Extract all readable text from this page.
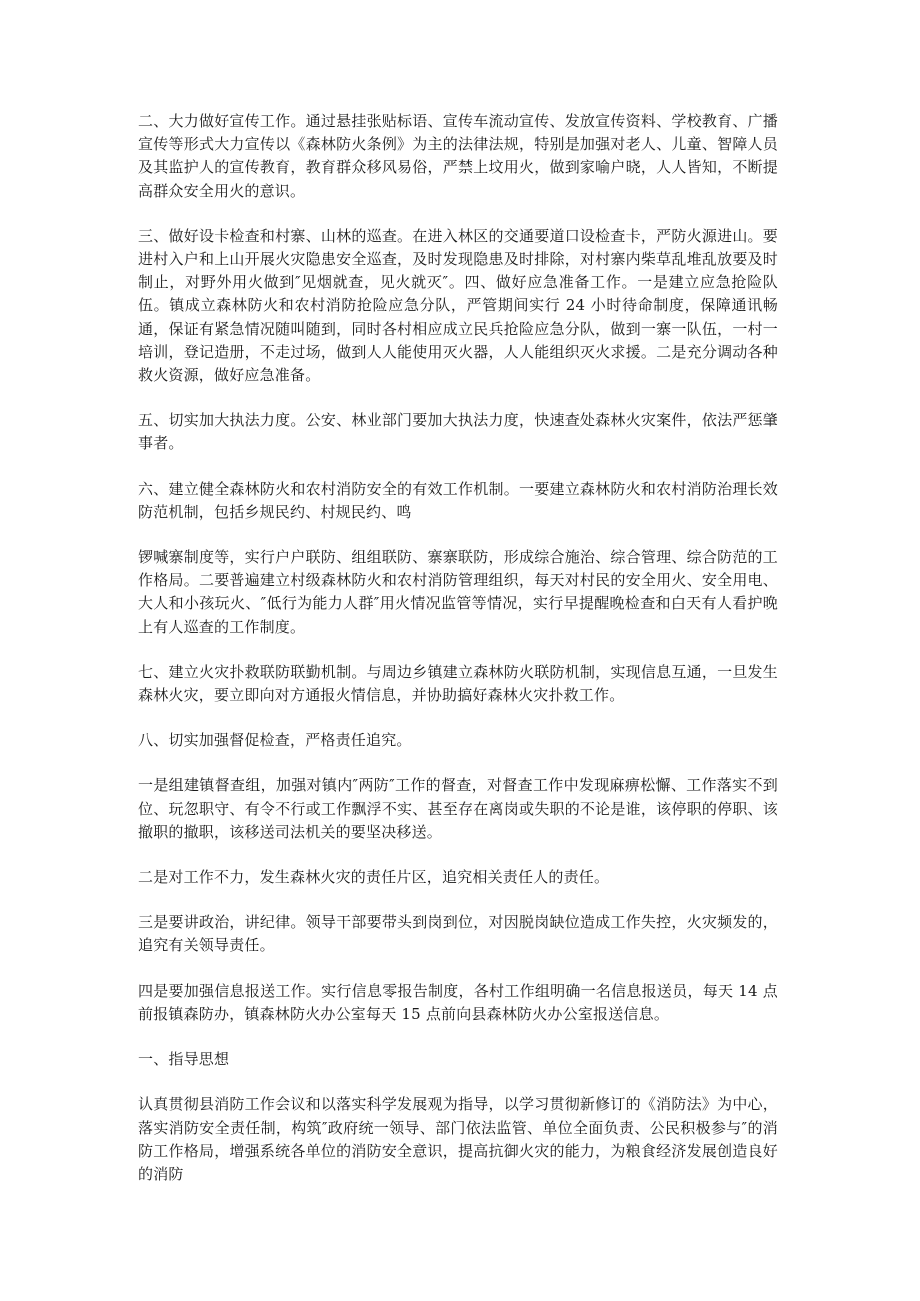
二、大力做好宣传工作。通过悬挂张贴标语、宣传车流动宣传、发放宣传资料、学校教育、广播宣传等形式大力宣传以《森林防火条例》为主的法律法规，特别是加强对老人、儿童、智障人员及其监护人的宣传教育，教育群众移风易俗，严禁上坟用火，做到家喻户晓，人人皆知，不断提高群众安全用火的意识。

三、做好设卡检查和村寨、山林的巡查。在进入林区的交通要道口设检查卡，严防火源进山。要进村入户和上山开展火灾隐患安全巡查，及时发现隐患及时排除，对村寨内柴草乱堆乱放要及时制止，对野外用火做到″见烟就查，见火就灭″。四、做好应急准备工作。一是建立应急抢险队伍。镇成立森林防火和农村消防抢险应急分队，严管期间实行 24 小时待命制度，保障通讯畅通，保证有紧急情况随叫随到，同时各村相应成立民兵抢险应急分队，做到一寨一队伍，一村一培训，登记造册，不走过场，做到人人能使用灭火器，人人能组织灭火求援。二是充分调动各种救火资源，做好应急准备。

五、切实加大执法力度。公安、林业部门要加大执法力度，快速查处森林火灾案件，依法严惩肇事者。

六、建立健全森林防火和农村消防安全的有效工作机制。一要建立森林防火和农村消防治理长效防范机制，包括乡规民约、村规民约、鸣

锣喊寨制度等，实行户户联防、组组联防、寨寨联防，形成综合施治、综合管理、综合防范的工作格局。二要普遍建立村级森林防火和农村消防管理组织，每天对村民的安全用火、安全用电、大人和小孩玩火、″低行为能力人群″用火情况监管等情况，实行早提醒晚检查和白天有人看护晚上有人巡查的工作制度。

七、建立火灾扑救联防联勤机制。与周边乡镇建立森林防火联防机制，实现信息互通，一旦发生森林火灾，要立即向对方通报火情信息，并协助搞好森林火灾扑救工作。

八、切实加强督促检查，严格责任追究。

一是组建镇督查组，加强对镇内″两防″工作的督查，对督查工作中发现麻痹松懈、工作落实不到位、玩忽职守、有令不行或工作飘浮不实、甚至存在离岗或失职的不论是谁，该停职的停职、该撤职的撤职，该移送司法机关的要坚决移送。

二是对工作不力，发生森林火灾的责任片区，追究相关责任人的责任。

三是要讲政治，讲纪律。领导干部要带头到岗到位，对因脱岗缺位造成工作失控，火灾频发的，追究有关领导责任。

四是要加强信息报送工作。实行信息零报告制度，各村工作组明确一名信息报送员，每天 14 点前报镇森防办，镇森林防火办公室每天 15 点前向县森林防火办公室报送信息。

一、指导思想

认真贯彻县消防工作会议和以落实科学发展观为指导，以学习贯彻新修订的《消防法》为中心，落实消防安全责任制，构筑″政府统一领导、部门依法监管、单位全面负责、公民积极参与″的消防工作格局，增强系统各单位的消防安全意识，提高抗御火灾的能力，为粮食经济发展创造良好的消防
